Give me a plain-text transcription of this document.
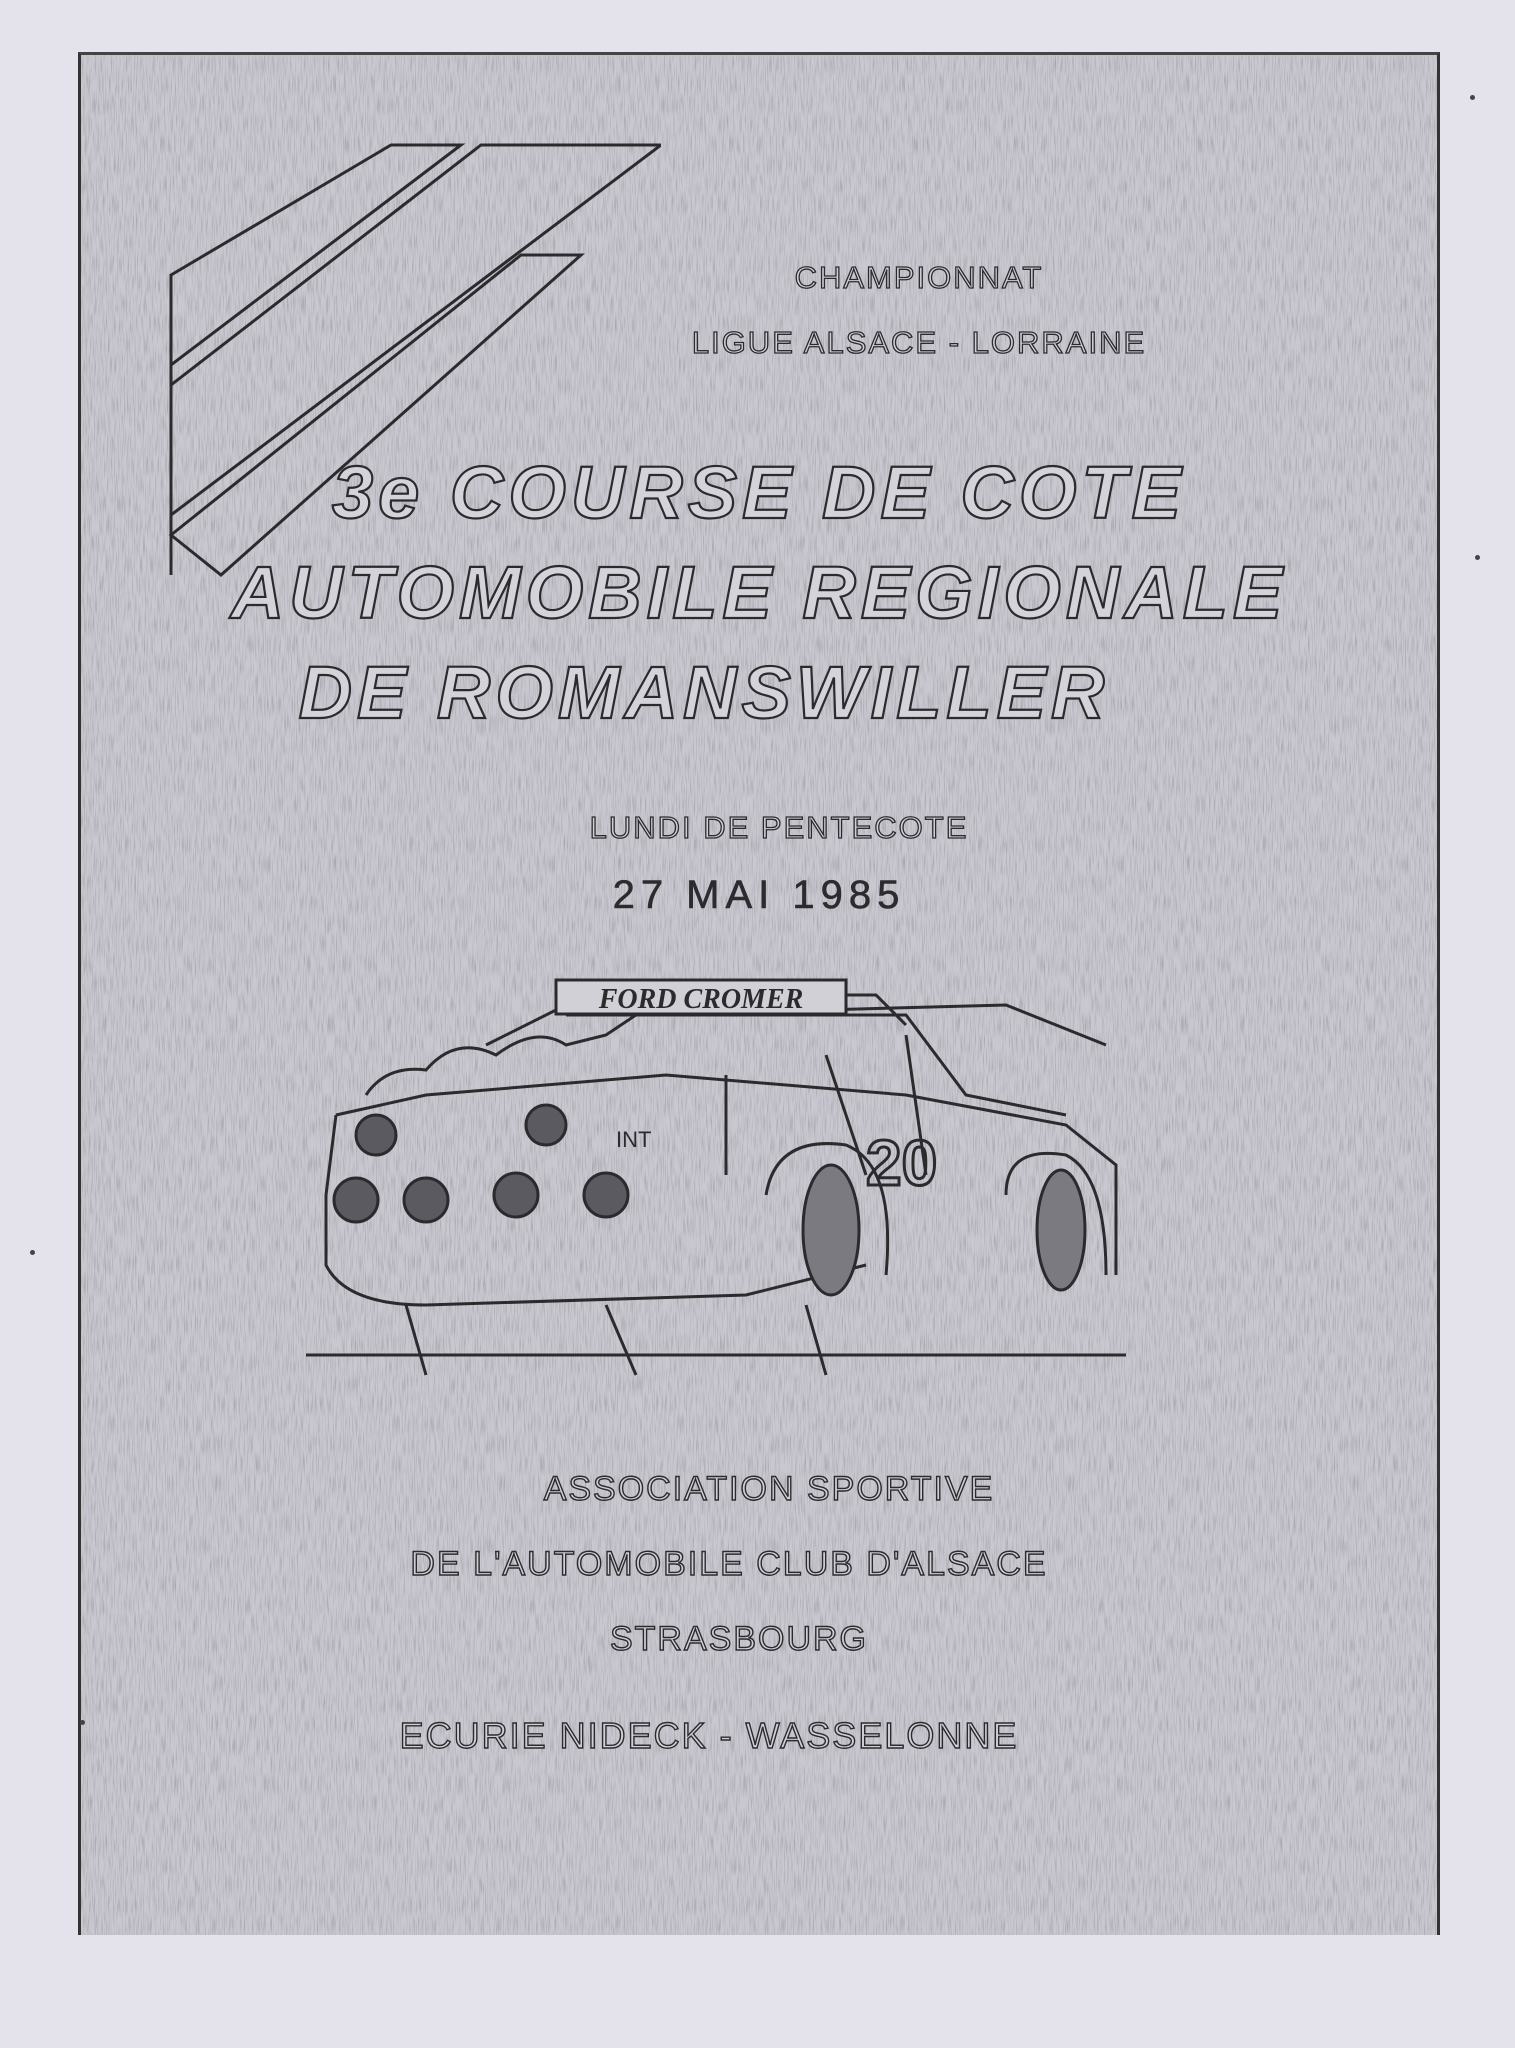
CHAMPIONNAT
LIGUE ALSACE - LORRAINE
3e COURSE DE COTE
AUTOMOBILE REGIONALE
DE ROMANSWILLER
LUNDI DE PENTECOTE
27 MAI 1985
FORD CROMER
20
INT
ASSOCIATION SPORTIVE
DE L'AUTOMOBILE CLUB D'ALSACE
STRASBOURG
ECURIE NIDECK - WASSELONNE
